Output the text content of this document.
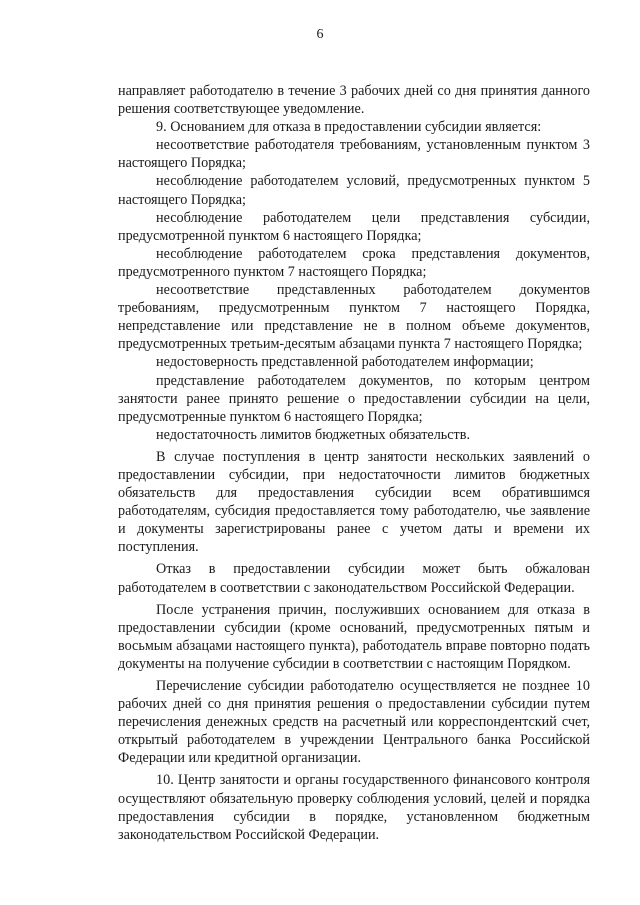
6

направляет работодателю в течение 3 рабочих дней со дня принятия данного решения соответствующее уведомление.

9. Основанием для отказа в предоставлении субсидии является:

несоответствие работодателя требованиям, установленным пунктом 3 настоящего Порядка;

несоблюдение работодателем условий, предусмотренных пунктом 5 настоящего Порядка;

несоблюдение работодателем цели представления субсидии, предусмотренной пунктом 6 настоящего Порядка;

несоблюдение работодателем срока представления документов, предусмотренного пунктом 7 настоящего Порядка;

несоответствие представленных работодателем документов требованиям, предусмотренным пунктом 7 настоящего Порядка, непредставление или представление не в полном объеме документов, предусмотренных третьим-десятым абзацами пункта 7 настоящего Порядка;

недостоверность представленной работодателем информации;

представление работодателем документов, по которым центром занятости ранее принято решение о предоставлении субсидии на цели, предусмотренные пунктом 6 настоящего Порядка;

недостаточность лимитов бюджетных обязательств.

В случае поступления в центр занятости нескольких заявлений о предоставлении субсидии, при недостаточности лимитов бюджетных обязательств для предоставления субсидии всем обратившимся работодателям, субсидия предоставляется тому работодателю, чье заявление и документы зарегистрированы ранее с учетом даты и времени их поступления.

Отказ в предоставлении субсидии может быть обжалован работодателем в соответствии с законодательством Российской Федерации.

После устранения причин, послуживших основанием для отказа в предоставлении субсидии (кроме оснований, предусмотренных пятым и восьмым абзацами настоящего пункта), работодатель вправе повторно подать документы на получение субсидии в соответствии с настоящим Порядком.

Перечисление субсидии работодателю осуществляется не позднее 10 рабочих дней со дня принятия решения о предоставлении субсидии путем перечисления денежных средств на расчетный или корреспондентский счет, открытый работодателем в учреждении Центрального банка Российской Федерации или кредитной организации.

10. Центр занятости и органы государственного финансового контроля осуществляют обязательную проверку соблюдения условий, целей и порядка предоставления субсидии в порядке, установленном бюджетным законодательством Российской Федерации.
